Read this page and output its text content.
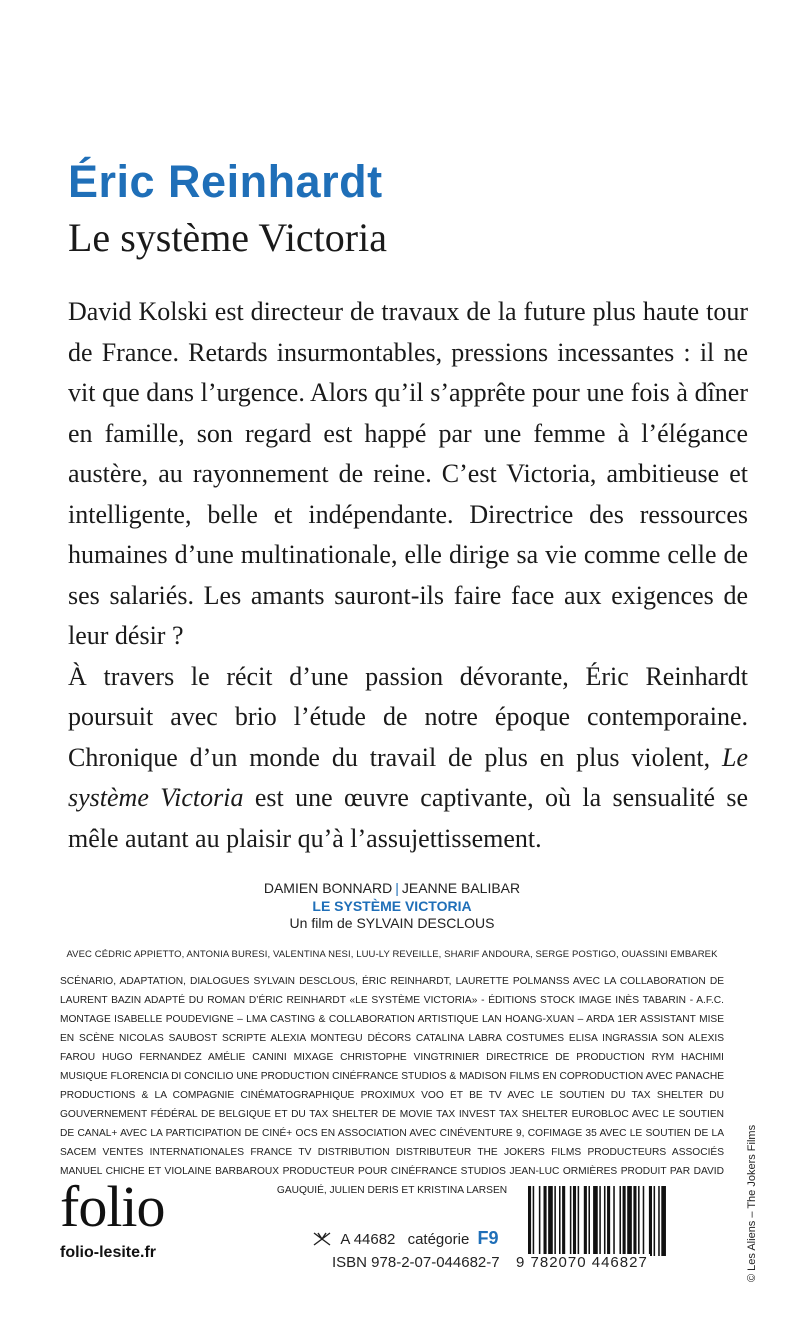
Éric Reinhardt
Le système Victoria

David Kolski est directeur de travaux de la future plus haute tour de France. Retards insurmontables, pressions incessantes : il ne vit que dans l’urgence. Alors qu’il s’apprête pour une fois à dîner en famille, son regard est happé par une femme à l’élégance austère, au rayonnement de reine. C’est Victoria, ambitieuse et intelligente, belle et indépendante. Directrice des ressources humaines d’une multinationale, elle dirige sa vie comme celle de ses salariés. Les amants sauront-ils faire face aux exigences de leur désir ?

À travers le récit d’une passion dévorante, Éric Reinhardt poursuit avec brio l’étude de notre époque contemporaine. Chronique d’un monde du travail de plus en plus violent, Le système Victoria est une œuvre captivante, où la sensualité se mêle autant au plaisir qu’à l’assujettissement.

DAMIEN BONNARD | JEANNE BALIBAR
LE SYSTÈME VICTORIA
Un film de SYLVAIN DESCLOUS
AVEC CÉDRIC APPIETTO, ANTONIA BURESI, VALENTINA NESI, LUU-LY REVEILLE, SHARIF ANDOURA, SERGE POSTIGO, OUASSINI EMBAREK
SCÉNARIO, ADAPTATION, DIALOGUES SYLVAIN DESCLOUS, ÉRIC REINHARDT, LAURETTE POLMANSS AVEC LA COLLABORATION DE LAURENT BAZIN ADAPTÉ DU ROMAN D’ÉRIC REINHARDT «LE SYSTÈME VICTORIA» - ÉDITIONS STOCK IMAGE INÈS TABARIN - A.F.C. MONTAGE ISABELLE POUDEVIGNE – LMA CASTING & COLLABORATION ARTISTIQUE LAN HOANG-XUAN – ARDA 1ER ASSISTANT MISE EN SCÈNE NICOLAS SAUBOST SCRIPTE ALEXIA MONTEGU DÉCORS CATALINA LABRA COSTUMES ELISA INGRASSIA SON ALEXIS FAROU HUGO FERNANDEZ AMÉLIE CANINI MIXAGE CHRISTOPHE VINGTRINIER DIRECTRICE DE PRODUCTION RYM HACHIMI MUSIQUE FLORENCIA DI CONCILIO UNE PRODUCTION CINÉFRANCE STUDIOS & MADISON FILMS EN COPRODUCTION AVEC PANACHE PRODUCTIONS & LA COMPAGNIE CINÉMATOGRAPHIQUE PROXIMUX VOO ET BE TV AVEC LE SOUTIEN DU TAX SHELTER DU GOUVERNEMENT FÉDÉRAL DE BELGIQUE ET DU TAX SHELTER DE MOVIE TAX INVEST TAX SHELTER EUROBLOC AVEC LE SOUTIEN DE CANAL+ AVEC LA PARTICIPATION DE CINÉ+ OCS EN ASSOCIATION AVEC CINÉVENTURE 9, COFIMAGE 35 AVEC LE SOUTIEN DE LA SACEM VENTES INTERNATIONALES FRANCE TV DISTRIBUTION DISTRIBUTEUR THE JOKERS FILMS PRODUCTEURS ASSOCIÉS MANUEL CHICHE ET VIOLAINE BARBAROUX PRODUCTEUR POUR CINÉFRANCE STUDIOS JEAN-LUC ORMIÈRES PRODUIT PAR DAVID GAUQUIÉ, JULIEN DERIS ET KRISTINA LARSEN
folio
folio-lesite.fr
A 44682 catégorie F9
ISBN 978-2-07-044682-7 9 782070 446827	© Les Aliens – The Jokers Films
